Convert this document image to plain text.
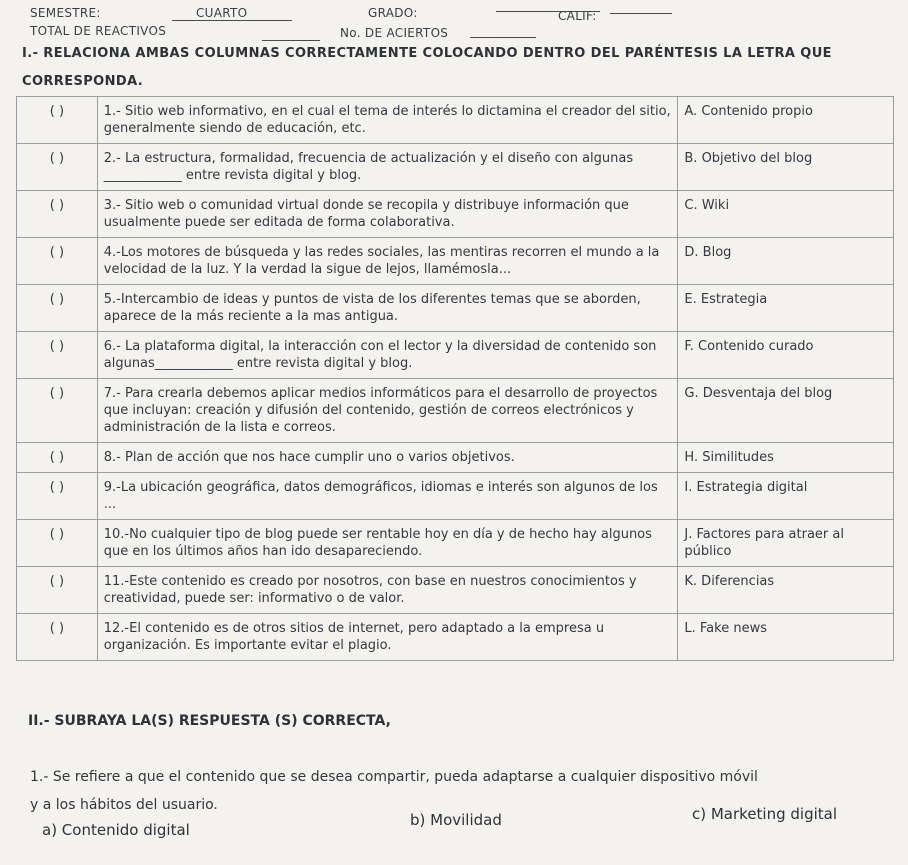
SEMESTRE:	CUARTO	GRADO:	CALIF:
TOTAL DE REACTIVOS	No. DE ACIERTOS
I.- RELACIONA AMBAS COLUMNAS CORRECTAMENTE COLOCANDO DENTRO DEL PARÉNTESIS LA LETRA QUE
CORRESPONDA.
( )	1.- Sitio web informativo, en el cual el tema de interés lo dictamina el creador del sitio, generalmente siendo de educación, etc.	A. Contenido propio
( )	2.- La estructura, formalidad, frecuencia de actualización y el diseño con algunas ____________ entre revista digital y blog.	B. Objetivo del blog
( )	3.- Sitio web o comunidad virtual donde se recopila y distribuye información que usualmente puede ser editada de forma colaborativa.	C. Wiki
( )	4.-Los motores de búsqueda y las redes sociales, las mentiras recorren el mundo a la velocidad de la luz. Y la verdad la sigue de lejos, llamémosla...	D. Blog
( )	5.-Intercambio de ideas y puntos de vista de los diferentes temas que se aborden, aparece de la más reciente a la mas antigua.	E. Estrategia
( )	6.- La plataforma digital, la interacción con el lector y la diversidad de contenido son algunas____________ entre revista digital y blog.	F. Contenido curado
( )	7.- Para crearla debemos aplicar medios informáticos para el desarrollo de proyectos que incluyan: creación y difusión del contenido, gestión de correos electrónicos y administración de la lista e correos.	G. Desventaja del blog
( )	8.- Plan de acción que nos hace cumplir uno o varios objetivos.	H. Similitudes
( )	9.-La ubicación geográfica, datos demográficos, idiomas e interés son algunos de los ...	I. Estrategia digital
( )	10.-No cualquier tipo de blog puede ser rentable hoy en día y de hecho hay algunos que en los últimos años han ido desapareciendo.	J. Factores para atraer al público
( )	11.-Este contenido es creado por nosotros, con base en nuestros conocimientos y creatividad, puede ser: informativo o de valor.	K. Diferencias
( )	12.-El contenido es de otros sitios de internet, pero adaptado a la empresa u organización. Es importante evitar el plagio.	L. Fake news
II.- SUBRAYA LA(S) RESPUESTA (S) CORRECTA,
1.- Se refiere a que el contenido que se desea compartir, pueda adaptarse a cualquier dispositivo móvil
y a los hábitos del usuario.
a) Contenido digital
b) Movilidad	c) Marketing digital
